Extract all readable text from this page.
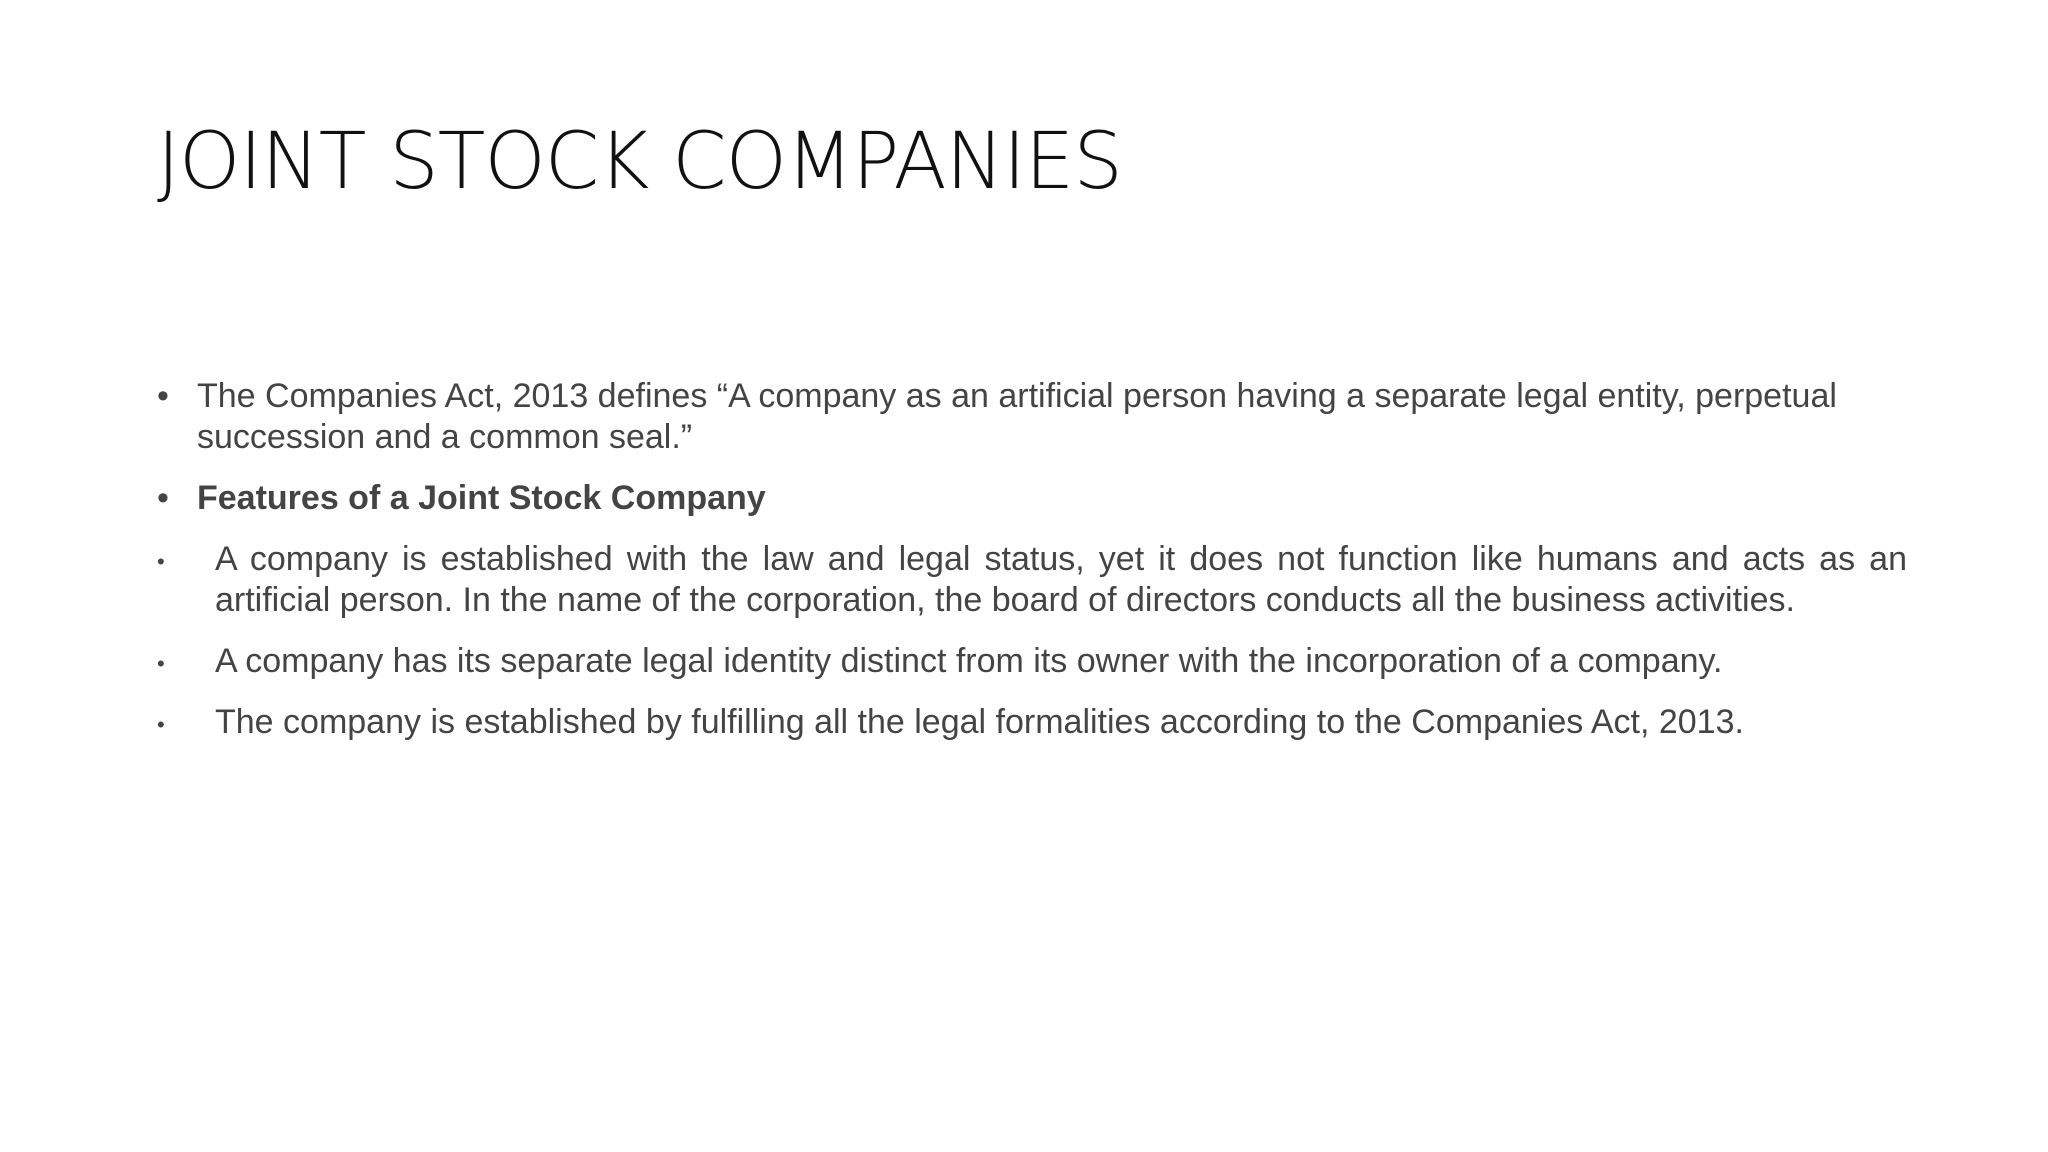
JOINT STOCK COMPANIES
• The Companies Act, 2013 defines “A company as an artificial person having a separate legal entity, perpetual succession and a common seal.”
• Features of a Joint Stock Company
• A company is established with the law and legal status, yet it does not function like humans and acts as an artificial person. In the name of the corporation, the board of directors conducts all the business activities.
• A company has its separate legal identity distinct from its owner with the incorporation of a company.
• The company is established by fulfilling all the legal formalities according to the Companies Act, 2013.
